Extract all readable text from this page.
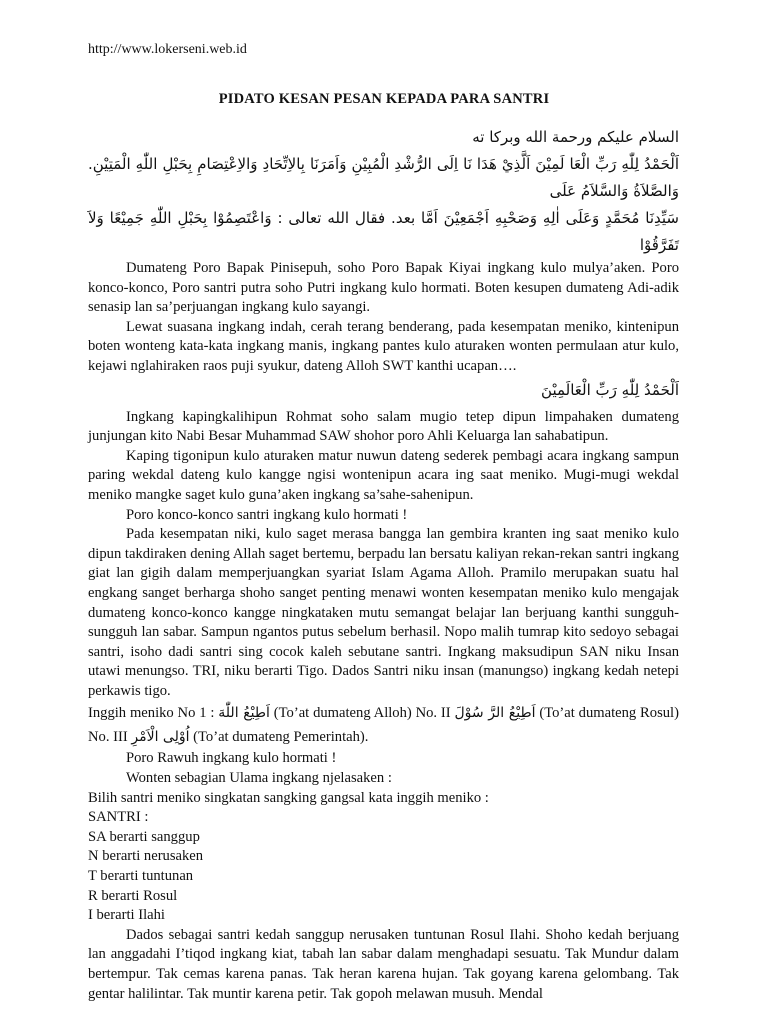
http://www.lokerseni.web.id
PIDATO KESAN PESAN KEPADA PARA SANTRI

السلام عليكم ورحمة الله وبركا ته

اَلْحَمْدُ لِلّٰهِ رَبِّ الْعَا لَمِيْنَ اَلَّذِيْ هَدَا نَا اِلَى الرُّشْدِ الْمُبِيْنِ وَاَمَرَنَا بِالاِتِّحَادِ وَالاِعْتِصَامِ بِحَبْلِ اللّٰهِ الْمَتِيْنِ. وَالصَّلاَةُ وَالسَّلاَمُ عَلَى

سَيِّدِنَا مُحَمَّدٍ وَعَلَى اٰلِهِ وَصَحْبِهِ اَجْمَعِيْنَ اَمَّا بعد. فقال الله تعالى : وَاعْتَصِمُوْا بِحَبْلِ اللّٰهِ جَمِيْعًا وَلاَ تَفَرَّقُوْا

Dumateng Poro Bapak Pinisepuh, soho Poro Bapak Kiyai ingkang kulo mulya’aken. Poro konco-konco, Poro santri putra soho Putri ingkang kulo hormati. Boten kesupen dumateng Adi-adik senasip lan sa’perjuangan ingkang kulo sayangi.

Lewat suasana ingkang indah, cerah terang benderang, pada kesempatan meniko, kintenipun boten wonteng kata-kata ingkang manis, ingkang pantes kulo aturaken wonten permulaan atur kulo, kejawi nglahiraken raos puji syukur, dateng Alloh SWT kanthi ucapan….

اَلْحَمْدُ لِلّٰهِ رَبِّ الْعَالَمِيْنَ

Ingkang kapingkalihipun Rohmat soho salam mugio tetep dipun limpahaken dumateng junjungan kito Nabi Besar Muhammad SAW shohor poro Ahli Keluarga lan sahabatipun.

Kaping tigonipun kulo aturaken matur nuwun dateng sederek pembagi acara ingkang sampun paring wekdal dateng kulo kangge ngisi wontenipun acara ing saat meniko. Mugi-mugi wekdal meniko mangke saget kulo guna’aken ingkang sa’sahe-sahenipun.

Poro konco-konco santri ingkang kulo hormati !

Pada kesempatan niki, kulo saget merasa bangga lan gembira kranten ing saat meniko kulo dipun takdiraken dening Allah saget bertemu, berpadu lan bersatu kaliyan rekan-rekan santri ingkang giat lan gigih dalam memperjuangkan syariat Islam Agama Alloh. Pramilo merupakan suatu hal engkang sanget berharga shoho sanget penting menawi wonten kesempatan meniko kulo mengajak dumateng konco-konco kangge ningkataken mutu semangat belajar lan berjuang kanthi sungguh-sungguh lan sabar. Sampun ngantos putus sebelum berhasil. Nopo malih tumrap kito sedoyo sebagai santri, isoho dadi santri sing cocok kaleh sebutane santri. Ingkang maksudipun SAN niku Insan utawi menungso. TRI, niku berarti Tigo. Dados Santri niku insan (manungso) ingkang kedah netepi perkawis tigo.

Inggih meniko No 1 : اَطِيْعُ اللّٰهَ (To’at dumateng Alloh) No. II اَطِيْعُ الرَّ سُوْلَ (To’at dumateng Rosul) No. III اُوْلِى الْاَمْرِ (To’at dumateng Pemerintah).

Poro Rawuh ingkang kulo hormati !

Wonten sebagian Ulama ingkang njelasaken :

Bilih santri meniko singkatan sangking gangsal kata inggih meniko :

SANTRI :

SA berarti sanggup

N berarti nerusaken

T berarti tuntunan

R berarti Rosul

I berarti Ilahi

Dados sebagai santri kedah sanggup nerusaken tuntunan Rosul Ilahi. Shoho kedah berjuang lan anggadahi I’tiqod ingkang kiat, tabah lan sabar dalam menghadapi sesuatu. Tak Mundur dalam bertempur. Tak cemas karena panas. Tak heran karena hujan. Tak goyang karena gelombang. Tak gentar halilintar. Tak muntir karena petir. Tak gopoh melawan musuh. Mendal
